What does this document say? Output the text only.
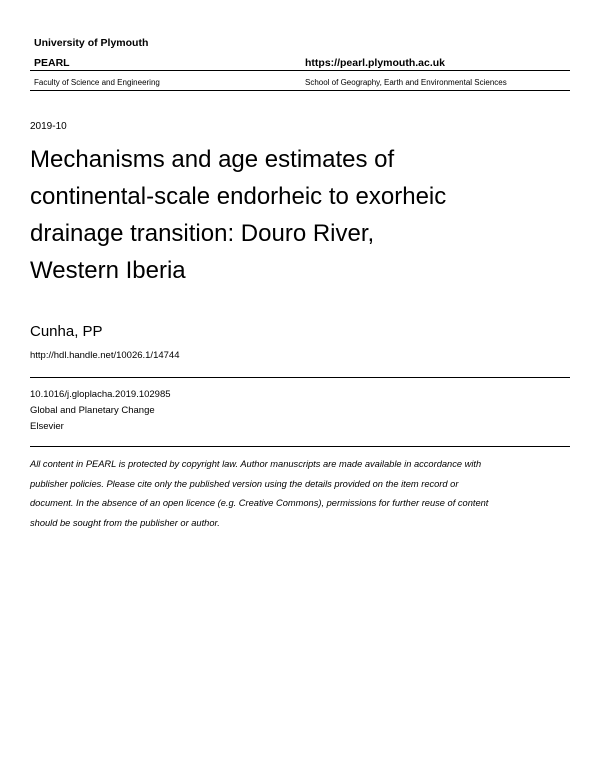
University of Plymouth
PEARL	https://pearl.plymouth.ac.uk
Faculty of Science and Engineering	School of Geography, Earth and Environmental Sciences
2019-10
Mechanisms and age estimates of
continental-scale endorheic to exorheic
drainage transition: Douro River,
Western Iberia
Cunha, PP
http://hdl.handle.net/10026.1/14744
10.1016/j.gloplacha.2019.102985
Global and Planetary Change
Elsevier
All content in PEARL is protected by copyright law. Author manuscripts are made available in accordance with
publisher policies. Please cite only the published version using the details provided on the item record or
document. In the absence of an open licence (e.g. Creative Commons), permissions for further reuse of content
should be sought from the publisher or author.
